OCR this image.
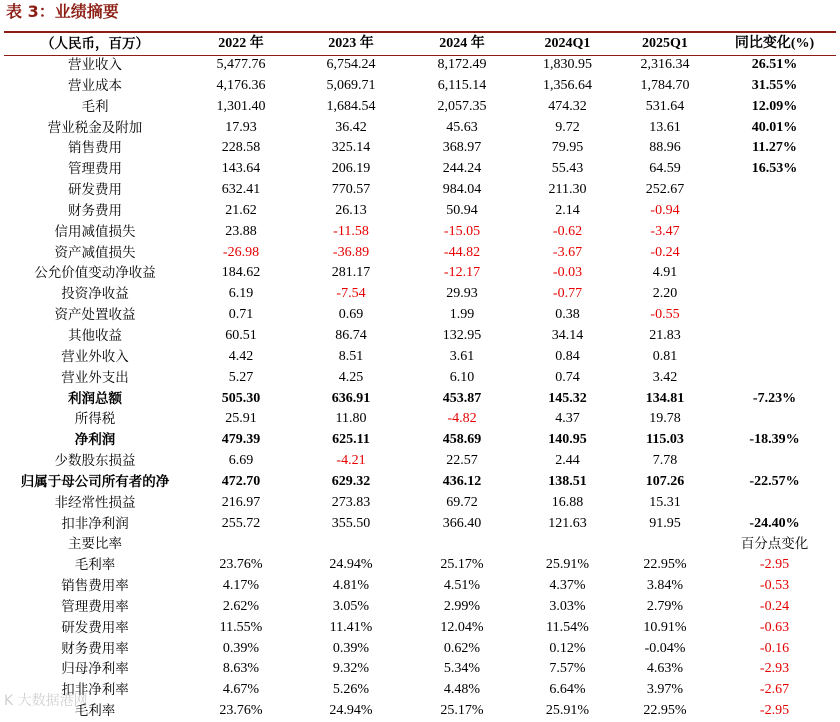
表 3：业绩摘要
（人民币，百万）	2022 年	2023 年	2024 年	2024Q1	2025Q1	同比变化(%)
营业收入	5,477.76	6,754.24	8,172.49	1,830.95	2,316.34	26.51%
营业成本	4,176.36	5,069.71	6,115.14	1,356.64	1,784.70	31.55%
毛利	1,301.40	1,684.54	2,057.35	474.32	531.64	12.09%
营业税金及附加	17.93	36.42	45.63	9.72	13.61	40.01%
销售费用	228.58	325.14	368.97	79.95	88.96	11.27%
管理费用	143.64	206.19	244.24	55.43	64.59	16.53%
研发费用	632.41	770.57	984.04	211.30	252.67	
财务费用	21.62	26.13	50.94	2.14	-0.94	
信用减值损失	23.88	-11.58	-15.05	-0.62	-3.47	
资产减值损失	-26.98	-36.89	-44.82	-3.67	-0.24	
公允价值变动净收益	184.62	281.17	-12.17	-0.03	4.91	
投资净收益	6.19	-7.54	29.93	-0.77	2.20	
资产处置收益	0.71	0.69	1.99	0.38	-0.55	
其他收益	60.51	86.74	132.95	34.14	21.83	
营业外收入	4.42	8.51	3.61	0.84	0.81	
营业外支出	5.27	4.25	6.10	0.74	3.42	
利润总额	505.30	636.91	453.87	145.32	134.81	-7.23%
所得税	25.91	11.80	-4.82	4.37	19.78	
净利润	479.39	625.11	458.69	140.95	115.03	-18.39%
少数股东损益	6.69	-4.21	22.57	2.44	7.78	
归属于母公司所有者的净	472.70	629.32	436.12	138.51	107.26	-22.57%
非经常性损益	216.97	273.83	69.72	16.88	15.31	
扣非净利润	255.72	355.50	366.40	121.63	91.95	-24.40%
主要比率						百分点变化
毛利率	23.76%	24.94%	25.17%	25.91%	22.95%	-2.95
销售费用率	4.17%	4.81%	4.51%	4.37%	3.84%	-0.53
管理费用率	2.62%	3.05%	2.99%	3.03%	2.79%	-0.24
研发费用率	11.55%	11.41%	12.04%	11.54%	10.91%	-0.63
财务费用率	0.39%	0.39%	0.62%	0.12%	-0.04%	-0.16
归母净利率	8.63%	9.32%	5.34%	7.57%	4.63%	-2.93
扣非净利率	4.67%	5.26%	4.48%	6.64%	3.97%	-2.67
毛利率	23.76%	24.94%	25.17%	25.91%	22.95%	-2.95
K 大数据港网
